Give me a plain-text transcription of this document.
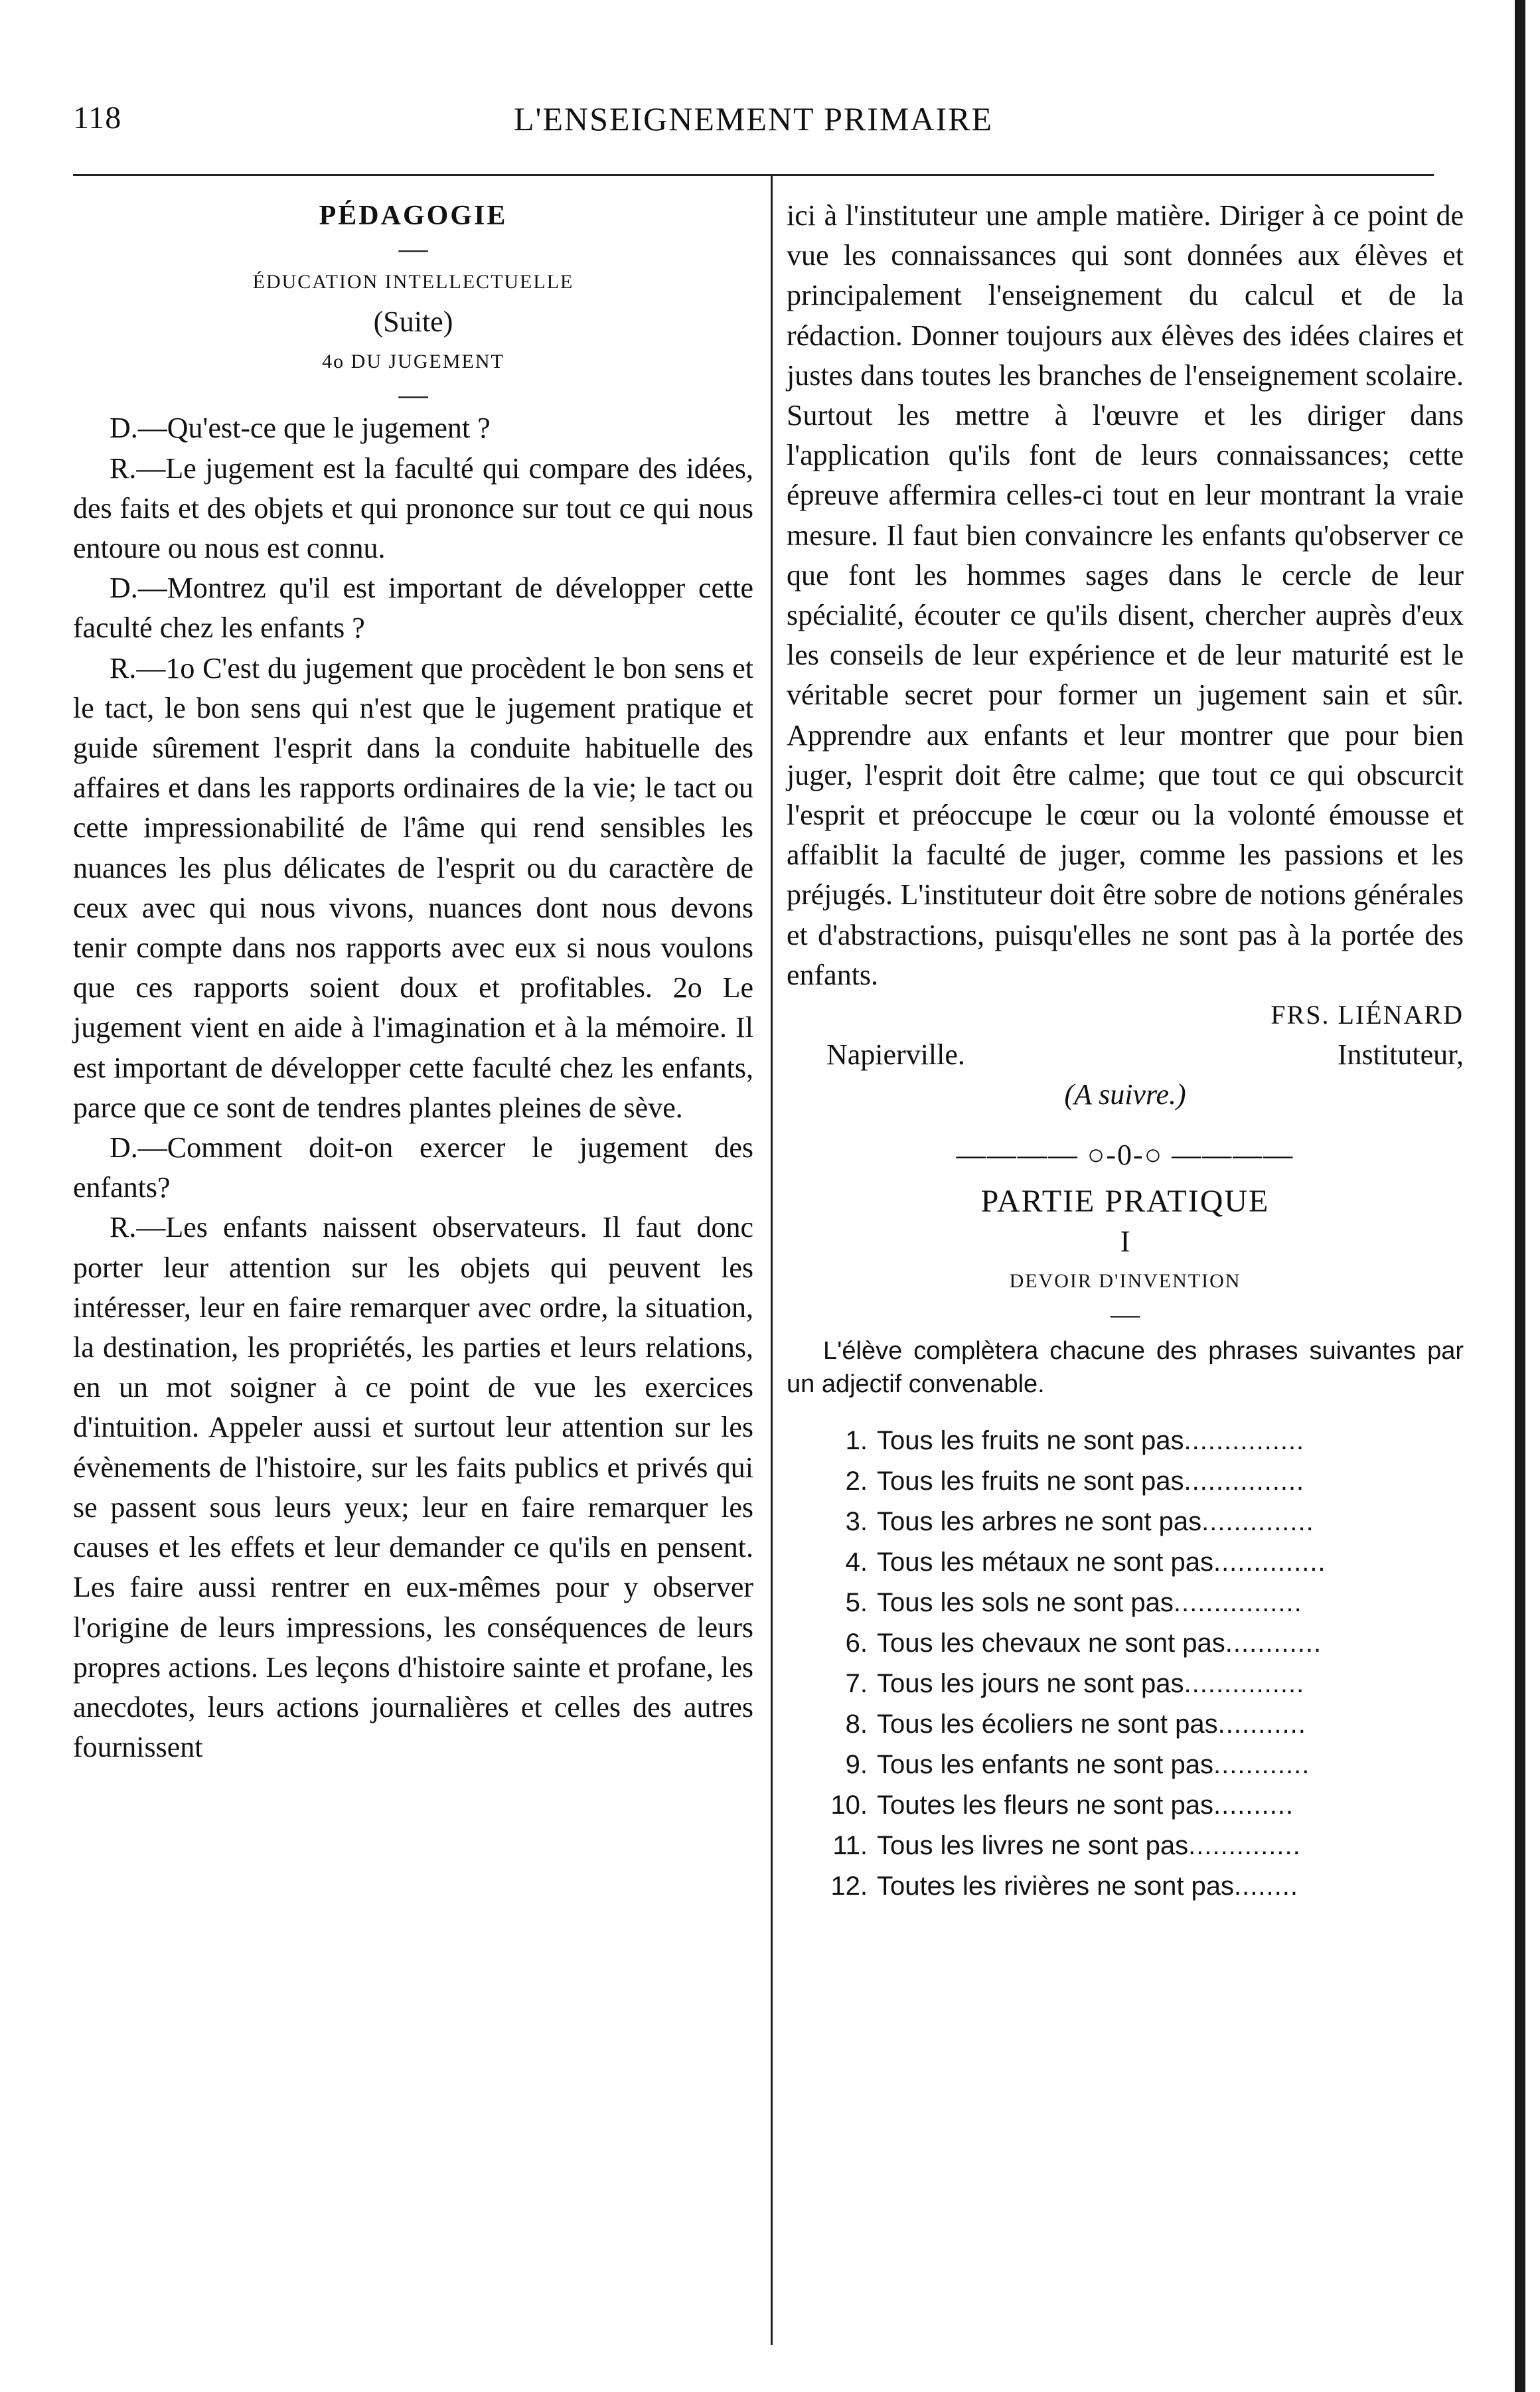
118	L'ENSEIGNEMENT PRIMAIRE
PÉDAGOGIE
—
ÉDUCATION INTELLECTUELLE
(Suite)
4o DU JUGEMENT
—

D.—Qu'est-ce que le jugement ?

R.—Le jugement est la faculté qui compare des idées, des faits et des objets et qui prononce sur tout ce qui nous entoure ou nous est connu.

D.—Montrez qu'il est important de développer cette faculté chez les enfants ?

R.—1o C'est du jugement que procèdent le bon sens et le tact, le bon sens qui n'est que le jugement pratique et guide sûrement l'esprit dans la conduite habituelle des affaires et dans les rapports ordinaires de la vie; le tact ou cette impressionabilité de l'âme qui rend sensibles les nuances les plus délicates de l'esprit ou du caractère de ceux avec qui nous vivons, nuances dont nous devons tenir compte dans nos rapports avec eux si nous voulons que ces rapports soient doux et profitables. 2o Le jugement vient en aide à l'imagination et à la mémoire. Il est important de développer cette faculté chez les enfants, parce que ce sont de tendres plantes pleines de sève.

D.—Comment doit-on exercer le jugement des enfants?

R.—Les enfants naissent observateurs. Il faut donc porter leur attention sur les objets qui peuvent les intéresser, leur en faire remarquer avec ordre, la situation, la destination, les propriétés, les parties et leurs relations, en un mot soigner à ce point de vue les exercices d'intuition. Appeler aussi et surtout leur attention sur les évènements de l'histoire, sur les faits publics et privés qui se passent sous leurs yeux; leur en faire remarquer les causes et les effets et leur demander ce qu'ils en pensent. Les faire aussi rentrer en eux-mêmes pour y observer l'origine de leurs impressions, les conséquences de leurs propres actions. Les leçons d'histoire sainte et profane, les anecdotes, leurs actions journalières et celles des autres fournissent

ici à l'instituteur une ample matière. Diriger à ce point de vue les connaissances qui sont données aux élèves et principalement l'enseignement du calcul et de la rédaction. Donner toujours aux élèves des idées claires et justes dans toutes les branches de l'enseignement scolaire. Surtout les mettre à l'œuvre et les diriger dans l'application qu'ils font de leurs connaissances; cette épreuve affermira celles-ci tout en leur montrant la vraie mesure. Il faut bien convaincre les enfants qu'observer ce que font les hommes sages dans le cercle de leur spécialité, écouter ce qu'ils disent, chercher auprès d'eux les conseils de leur expérience et de leur maturité est le véritable secret pour former un jugement sain et sûr. Apprendre aux enfants et leur montrer que pour bien juger, l'esprit doit être calme; que tout ce qui obscurcit l'esprit et préoccupe le cœur ou la volonté émousse et affaiblit la faculté de juger, comme les passions et les préjugés. L'instituteur doit être sobre de notions générales et d'abstractions, puisqu'elles ne sont pas à la portée des enfants.

FRS. LIÉNARD
Napierville.	Instituteur,
(A suivre.)
———— ○-0-○ ————
PARTIE PRATIQUE
I
DEVOIR D'INVENTION
—

L'élève complètera chacune des phrases suivantes par un adjectif convenable.

1. Tous les fruits ne sont pas ...............
2. Tous les fruits ne sont pas ...............
3. Tous les arbres ne sont pas ..............
4. Tous les métaux ne sont pas ..............
5. Tous les sols ne sont pas ................
6. Tous les chevaux ne sont pas ............
7. Tous les jours ne sont pas ...............
8. Tous les écoliers ne sont pas ...........
9. Tous les enfants ne sont pas ............
10. Toutes les fleurs ne sont pas ..........
11. Tous les livres ne sont pas ..............
12. Toutes les rivières ne sont pas ........
